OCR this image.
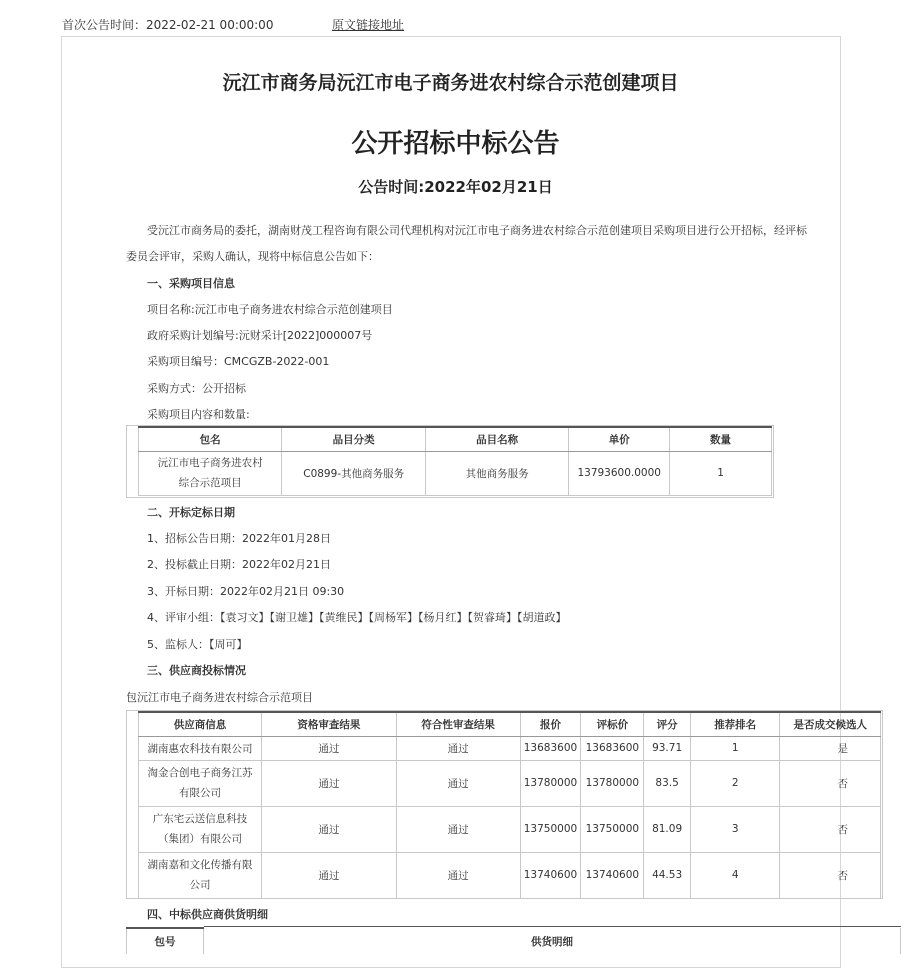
首次公告时间：2022-02-21 00:00:00	原文链接地址
沅江市商务局沅江市电子商务进农村综合示范创建项目
公开招标中标公告
公告时间:2022年02月21日
受沅江市商务局的委托，湖南财茂工程咨询有限公司代理机构对沅江市电子商务进农村综合示范创建项目采购项目进行公开招标，经评标
委员会评审，采购人确认，现将中标信息公告如下：
一、采购项目信息
项目名称:沅江市电子商务进农村综合示范创建项目
政府采购计划编号:沅财采计[2022]000007号
采购项目编号：CMCGZB-2022-001
采购方式：公开招标
采购项目内容和数量:
包名	品目分类	品目名称	单价	数量

沅江市电子商务进农村
综合示范项目	C0899-其他商务服务	其他商务服务	13793600.0000	1
二、开标定标日期
1、招标公告日期：2022年01月28日
2、投标截止日期：2022年02月21日
3、开标日期：2022年02月21日 09:30
4、评审小组：【袁习文】【谢卫雄】【黄维民】【周杨军】【杨月红】【贺睿琦】【胡道政】
5、监标人：【周可】
三、供应商投标情况
包沅江市电子商务进农村综合示范项目
供应商信息	资格审查结果	符合性审查结果	报价	评标价	评分	推荐排名	是否成交候选人
湖南惠农科技有限公司	通过	通过	13683600	13683600	93.71	1	是

淘金合创电子商务江苏
有限公司	通过	通过	13780000	13780000	83.5	2	否

广东宅云送信息科技
（集团）有限公司	通过	通过	13750000	13750000	81.09	3	否

湖南嘉和文化传播有限
公司	通过	通过	13740600	13740600	44.53	4	否
四、中标供应商供货明细
包号	供货明细
